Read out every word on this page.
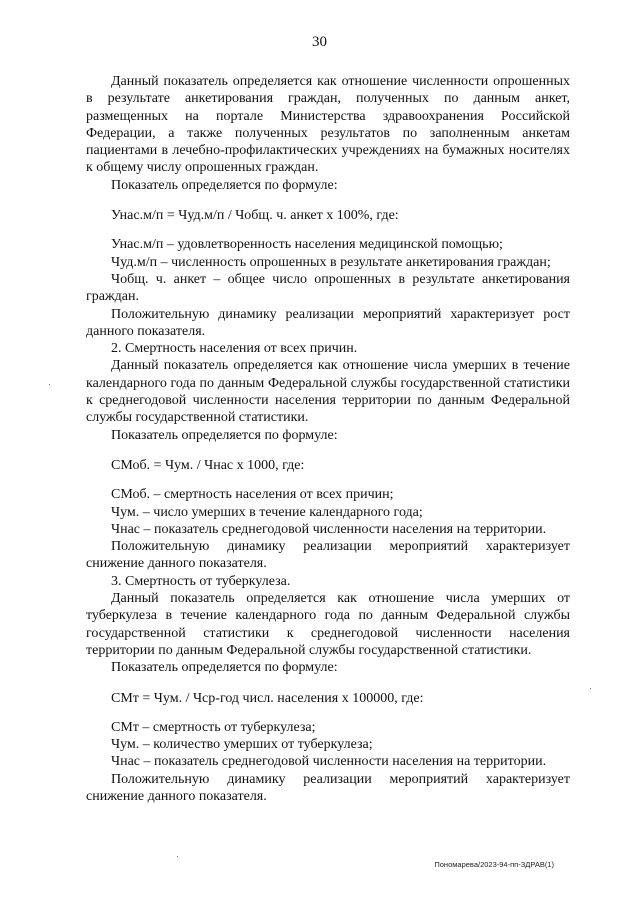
30

Данный показатель определяется как отношение численности опрошенных в результате анкетирования граждан, полученных по данным анкет, размещенных на портале Министерства здравоохранения Российской Федерации, а также полученных результатов по заполненным анкетам пациентами в лечебно-профилактических учреждениях на бумажных носителях к общему числу опрошенных граждан.

Показатель определяется по формуле:

Унас.м/п = Чуд.м/п / Чобщ. ч. анкет х 100%, где:

Унас.м/п – удовлетворенность населения медицинской помощью;

Чуд.м/п – численность опрошенных в результате анкетирования граждан;

Чобщ. ч. анкет – общее число опрошенных в результате анкетирования граждан.

Положительную динамику реализации мероприятий характеризует рост данного показателя.

2. Смертность населения от всех причин.

Данный показатель определяется как отношение числа умерших в течение календарного года по данным Федеральной службы государственной статистики к среднегодовой численности населения территории по данным Федеральной службы государственной статистики.

Показатель определяется по формуле:

СМоб. = Чум. / Чнас х 1000, где:

СМоб. – смертность населения от всех причин;

Чум. – число умерших в течение календарного года;

Чнас – показатель среднегодовой численности населения на территории.

Положительную динамику реализации мероприятий характеризует снижение данного показателя.

3. Смертность от туберкулеза.

Данный показатель определяется как отношение числа умерших от туберкулеза в течение календарного года по данным Федеральной службы государственной статистики к среднегодовой численности населения территории по данным Федеральной службы государственной статистики.

Показатель определяется по формуле:

СМт = Чум. / Чср-год числ. населения х 100000, где:

СМт – смертность от туберкулеза;

Чум. – количество умерших от туберкулеза;

Чнас – показатель среднегодовой численности населения на территории.

Положительную динамику реализации мероприятий характеризует снижение данного показателя.

Пономарева/2023-94-пп-ЗДРАВ(1)
